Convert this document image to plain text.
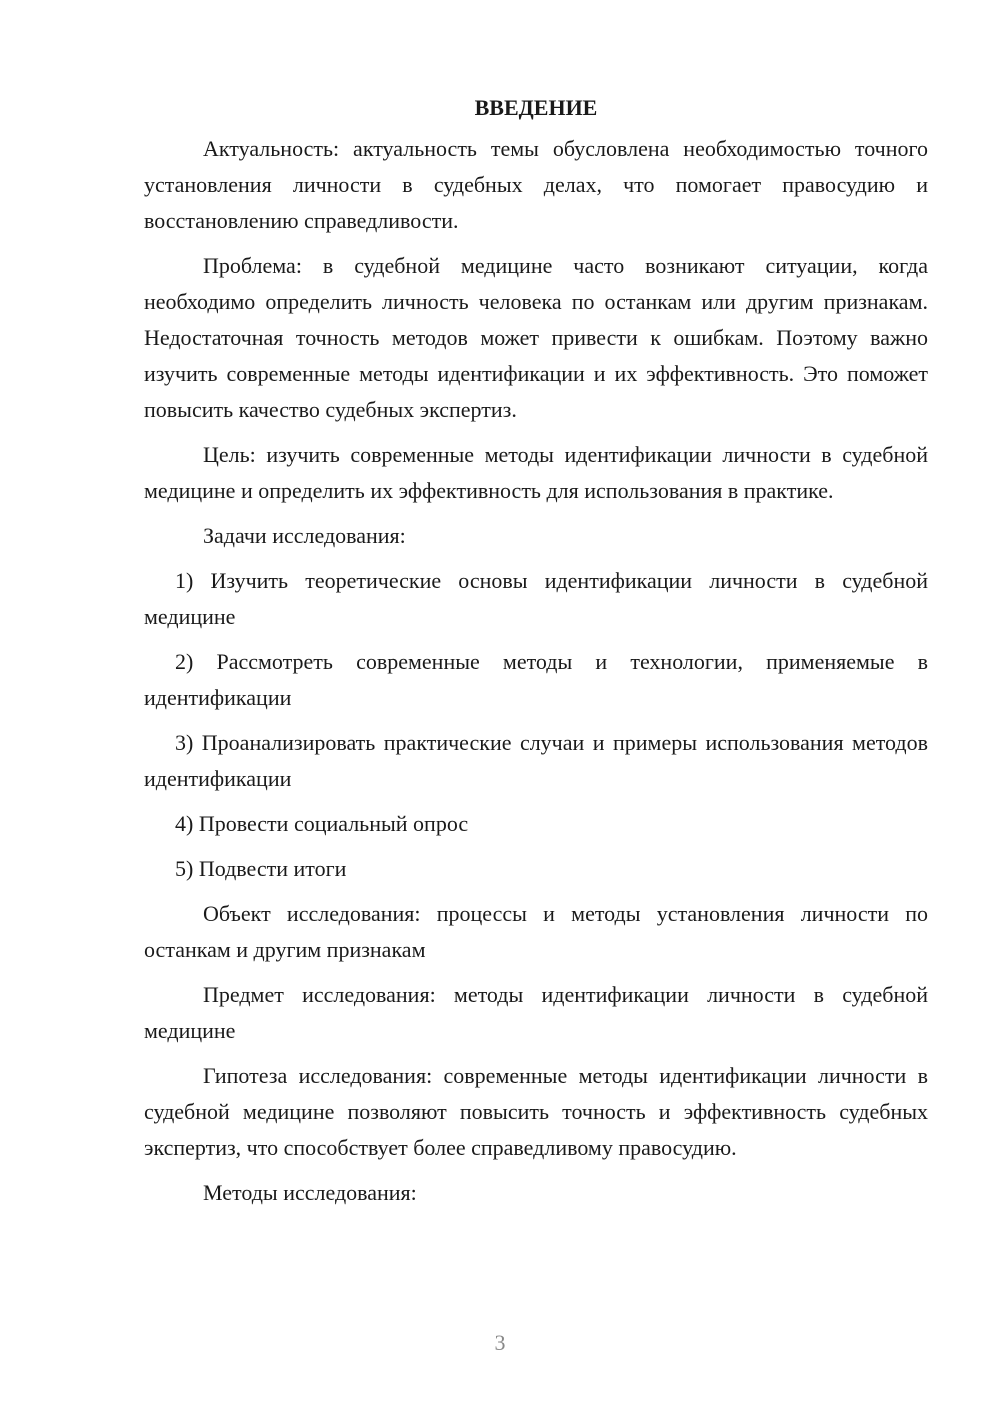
ВВЕДЕНИЕ

Актуальность: актуальность темы обусловлена необходимостью точного установления личности в судебных делах, что помогает правосудию и восстановлению справедливости.

Проблема: в судебной медицине часто возникают ситуации, когда необходимо определить личность человека по останкам или другим признакам. Недостаточная точность методов может привести к ошибкам. Поэтому важно изучить современные методы идентификации и их эффективность. Это поможет повысить качество судебных экспертиз.

Цель: изучить современные методы идентификации личности в судебной медицине и определить их эффективность для использования в практике.

Задачи исследования:

1) Изучить теоретические основы идентификации личности в судебной медицине

2) Рассмотреть современные методы и технологии, применяемые в идентификации

3) Проанализировать практические случаи и примеры использования методов идентификации

4) Провести социальный опрос

5) Подвести итоги

Объект исследования: процессы и методы установления личности по останкам и другим признакам

Предмет исследования: методы идентификации личности в судебной медицине

Гипотеза исследования: современные методы идентификации личности в судебной медицине позволяют повысить точность и эффективность судебных экспертиз, что способствует более справедливому правосудию.

Методы исследования:

3
